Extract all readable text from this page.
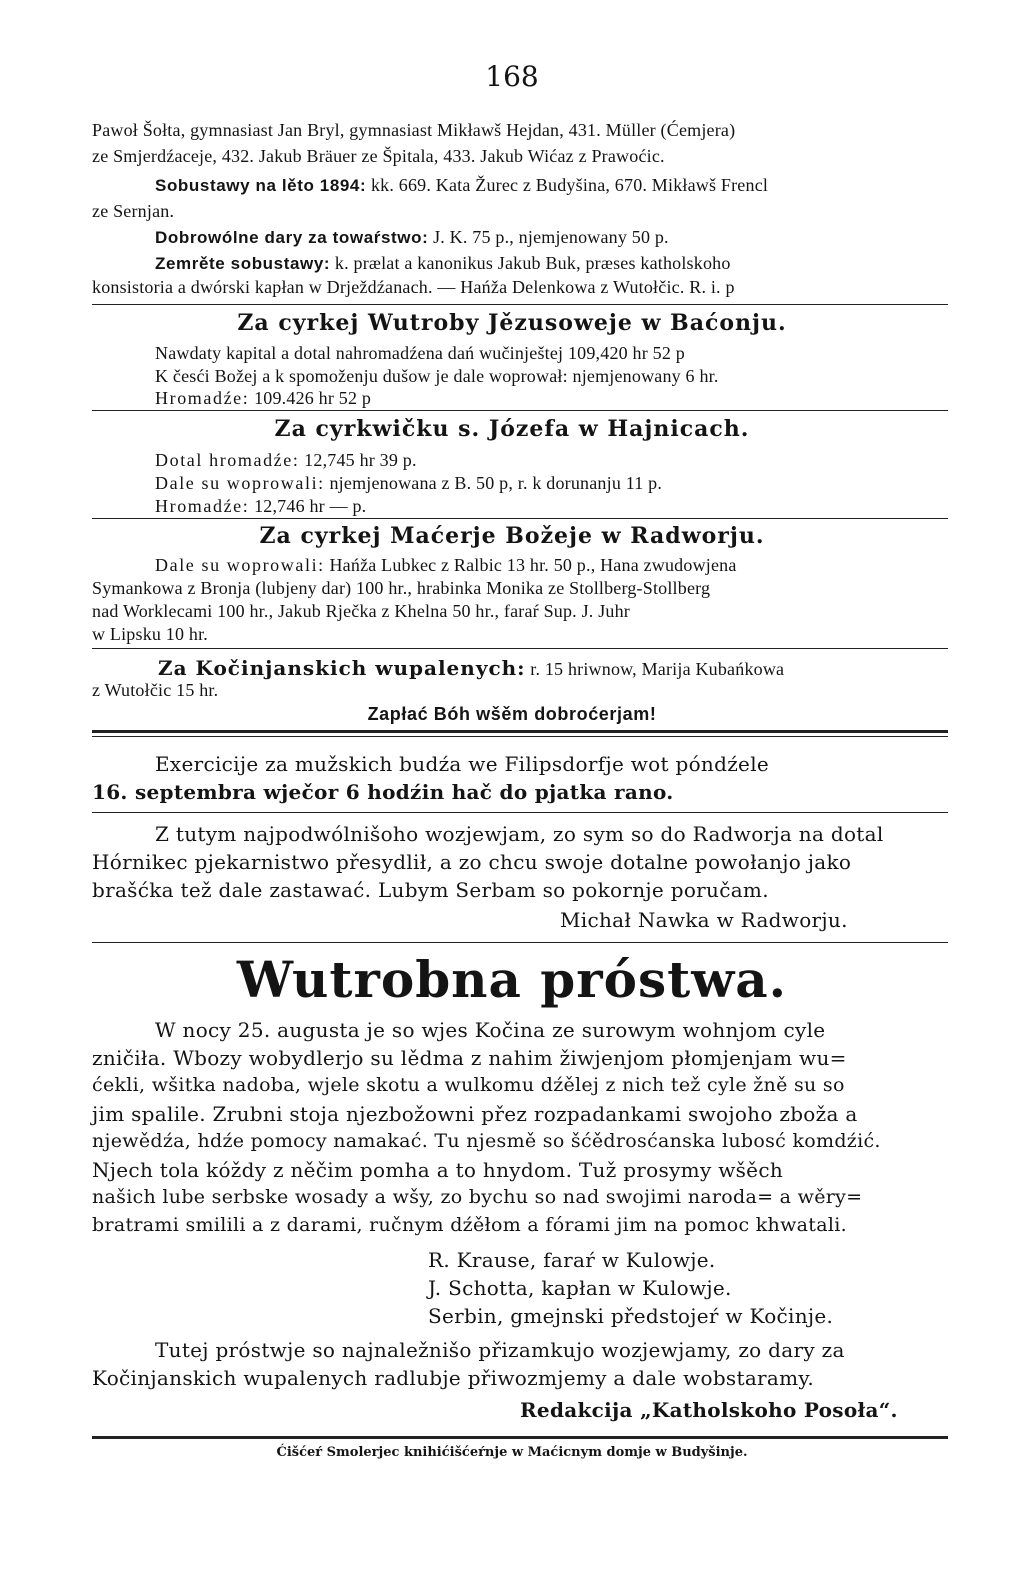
168

Pawoł Šołta, gymnasiast Jan Bryl, gymnasiast Mikławš Hejdan, 431. Müller (Ćemjera)

ze Smjerdźaceje, 432. Jakub Bräuer ze Špitala, 433. Jakub Wićaz z Prawoćic.

Sobustawy na lěto 1894: kk. 669. Kata Žurec z Budyšina, 670. Mikławš Frencl

ze Sernjan.

Dobrowólne dary za towaŕstwo: J. K. 75 p., njemjenowany 50 p.

Zemrěte sobustawy: k. prælat a kanonikus Jakub Buk, præses katholskoho

konsistoria a dwórski kapłan w Drježdźanach. — Hańža Delenkowa z Wutołčic. R. i. p

Za cyrkej Wutroby Jězusoweje w Baćonju.

Nawdaty kapital a dotal nahromadźena dań wučinještej 109,420 hr 52 p

K česći Božej a k spomoženju dušow je dale woprował: njemjenowany 6 hr.

Hromadźe: 109.426 hr 52 p

Za cyrkwičku s. Józefa w Hajnicach.

Dotal hromadźe: 12,745 hr 39 p.

Dale su woprowali: njemjenowana z B. 50 p, r. k dorunanju 11 p.

Hromadźe: 12,746 hr — p.

Za cyrkej Maćerje Božeje w Radworju.

Dale su woprowali: Hańža Lubkec z Ralbic 13 hr. 50 p., Hana zwudowjena

Symankowa z Bronja (lubjeny dar) 100 hr., hrabinka Monika ze Stollberg-Stollberg

nad Worklecami 100 hr., Jakub Rječka z Khelna 50 hr., faraŕ Sup. J. Juhr

w Lipsku 10 hr.

Za Kočinjanskich wupalenych: r. 15 hriwnow, Marija Kubańkowa

z Wutołčic 15 hr.

Zapłać Bóh wšěm dobroćerjam!

Exercicije za mužskich budźa we Filipsdorfje wot póndźele

16. septembra wječor 6 hodźin hač do pjatka rano.

Z tutym najpodwólnišoho wozjewjam, zo sym so do Radworja na dotal

Hórnikec pjekarnistwo přesydlił, a zo chcu swoje dotalne powołanjo jako

brašćka tež dale zastawać. Lubym Serbam so pokornje poručam.

Michał Nawka w Radworju.

Wutrobna próstwa.

W nocy 25. augusta je so wjes Kočina ze surowym wohnjom cyle

zničiła. Wbozy wobydlerjo su lědma z nahim žiwjenjom płomjenjam wu=

ćekli, wšitka nadoba, wjele skotu a wulkomu dźělej z nich tež cyle žně su so

jim spalile. Zrubni stoja njezbožowni přez rozpadankami swojoho zboža a

njewědźa, hdźe pomocy namakać. Tu njesmě so šćědrosćanska lubosć komdźić.

Njech tola kóždy z něčim pomha a to hnydom. Tuž prosymy wšěch

našich lube serbske wosady a wšy, zo bychu so nad swojimi naroda= a wěry=

bratrami smilili a z darami, ručnym dźěłom a fórami jim na pomoc khwatali.

R. Krause, faraŕ w Kulowje.

J. Schotta, kapłan w Kulowje.

Serbin, gmejnski předstojeŕ w Kočinje.

Tutej próstwje so najnaležnišo přizamkujo wozjewjamy, zo dary za

Kočinjanskich wupalenych radlubje přiwozmjemy a dale wobstaramy.

Redakcija „Katholskoho Posoła“.

Ćišćeŕ Smolerjec knihićišćeŕnje w Maćicnym domje w Budyšinje.
